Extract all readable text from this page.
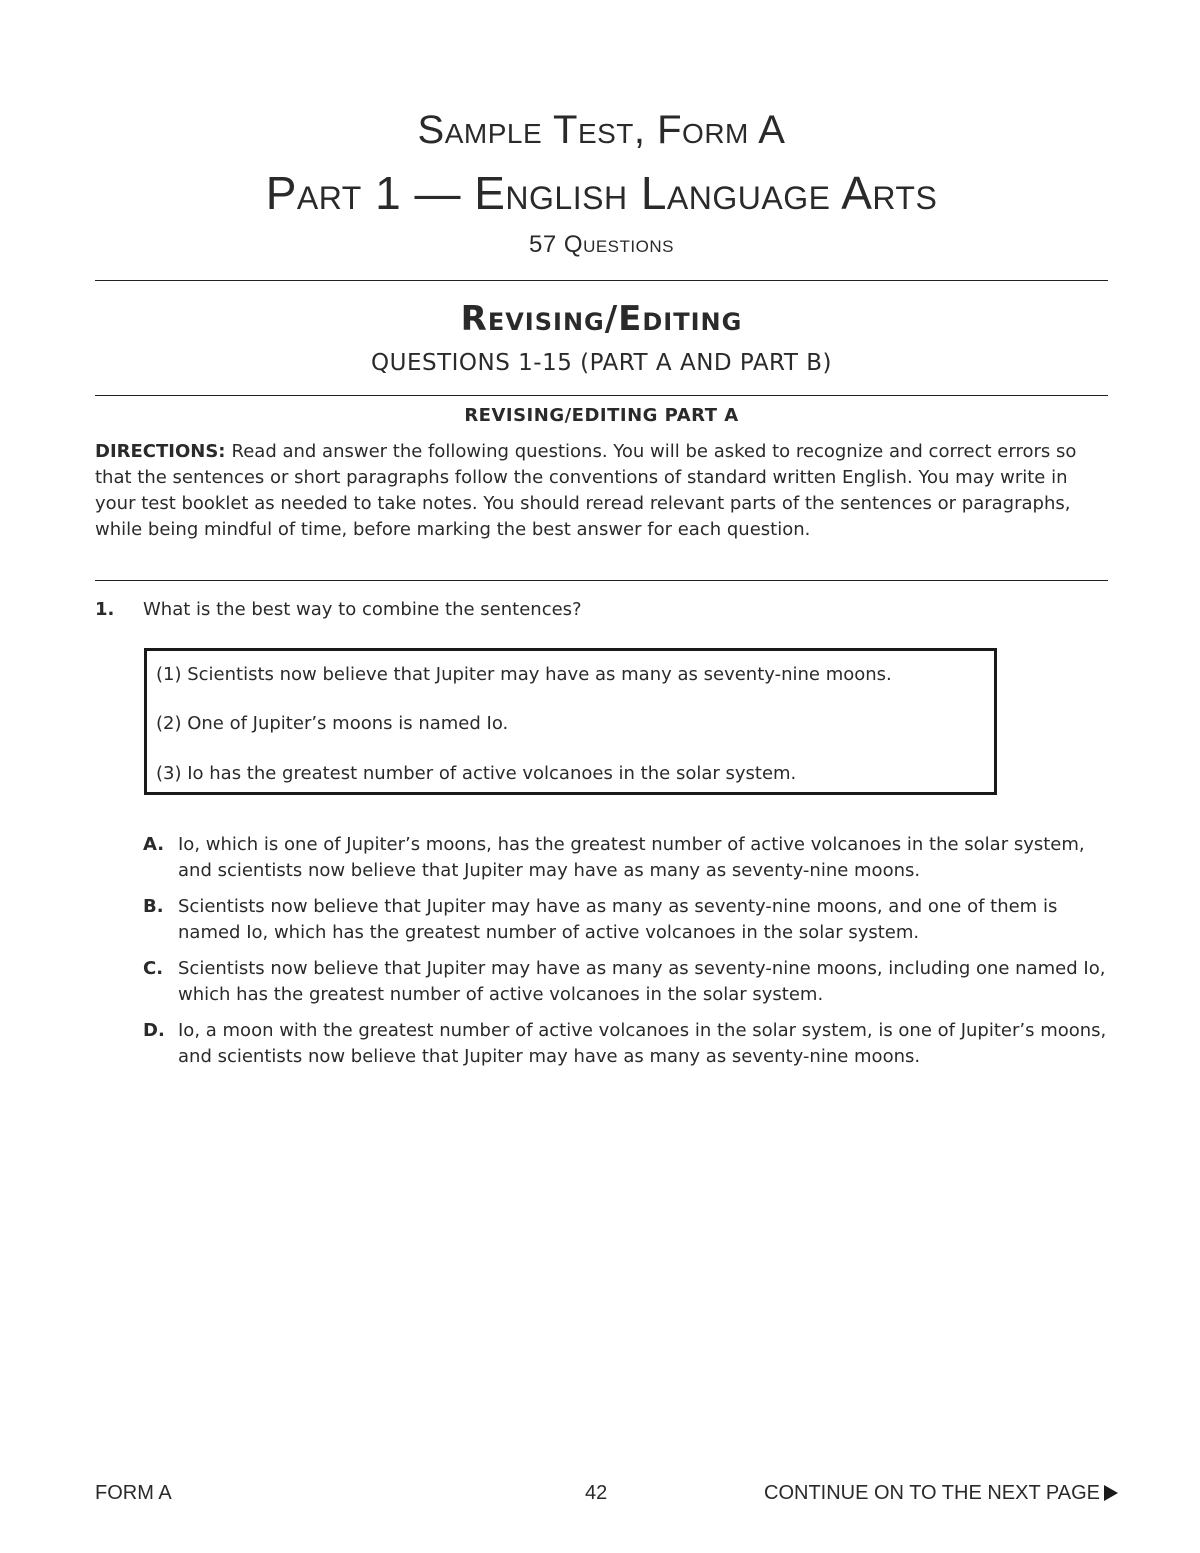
Sample Test, Form A
Part 1 — English Language Arts
57 Questions
Revising/Editing
QUESTIONS 1-15 (PART A AND PART B)
REVISING/EDITING PART A
DIRECTIONS: Read and answer the following questions. You will be asked to recognize and correct errors so that the sentences or short paragraphs follow the conventions of standard written English. You may write in your test booklet as needed to take notes. You should reread relevant parts of the sentences or paragraphs, while being mindful of time, before marking the best answer for each question.
1. What is the best way to combine the sentences?
(1) Scientists now believe that Jupiter may have as many as seventy-nine moons.
(2) One of Jupiter’s moons is named Io.
(3) Io has the greatest number of active volcanoes in the solar system.
A. Io, which is one of Jupiter’s moons, has the greatest number of active volcanoes in the solar system, and scientists now believe that Jupiter may have as many as seventy-nine moons.
B. Scientists now believe that Jupiter may have as many as seventy-nine moons, and one of them is named Io, which has the greatest number of active volcanoes in the solar system.
C. Scientists now believe that Jupiter may have as many as seventy-nine moons, including one named Io, which has the greatest number of active volcanoes in the solar system.
D. Io, a moon with the greatest number of active volcanoes in the solar system, is one of Jupiter’s moons, and scientists now believe that Jupiter may have as many as seventy-nine moons.
FORM A	42	CONTINUE ON TO THE NEXT PAGE
